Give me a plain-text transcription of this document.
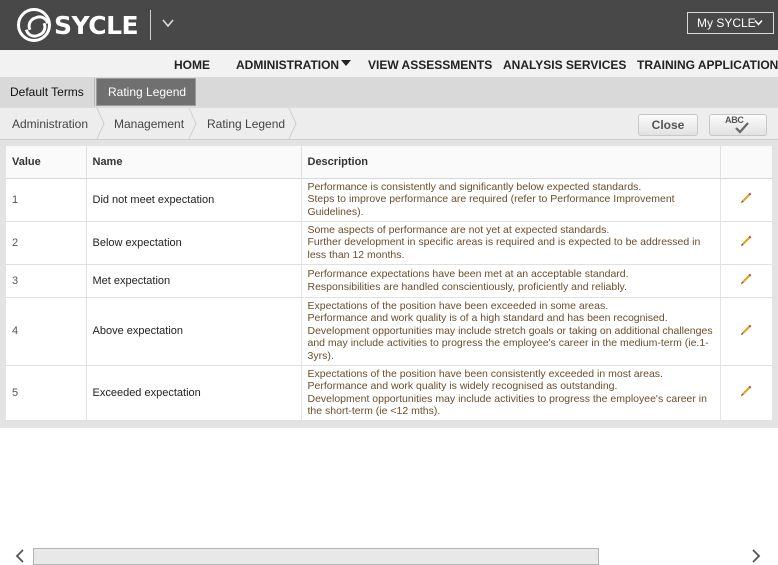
SYCLE	My SYCLE
HOME ADMINISTRATION VIEW ASSESSMENTS ANALYSIS SERVICES TRAINING APPLICATION
Default Terms Rating Legend
Administration Management Rating Legend	Close	ABC
Value	Name	Description	
1	Did not meet expectation	Performance is consistently and significantly below expected standards.
Steps to improve performance are required (refer to Performance Improvement Guidelines).

2	Below expectation	Some aspects of performance are not yet at expected standards.
Further development in specific areas is required and is expected to be addressed in less than 12 months.

3	Met expectation	Performance expectations have been met at an acceptable standard.
Responsibilities are handled conscientiously, proficiently and reliably.

4	Above expectation	Expectations of the position have been exceeded in some areas.
Performance and work quality is of a high standard and has been recognised.
Development opportunities may include stretch goals or taking on additional challenges and may include activities to progress the employee's career in the medium-term (ie.1-3yrs).

5	Exceeded expectation	Expectations of the position have been consistently exceeded in most areas.
Performance and work quality is widely recognised as outstanding.
Development opportunities may include activities to progress the employee's career in the short-term (ie <12 mths).
